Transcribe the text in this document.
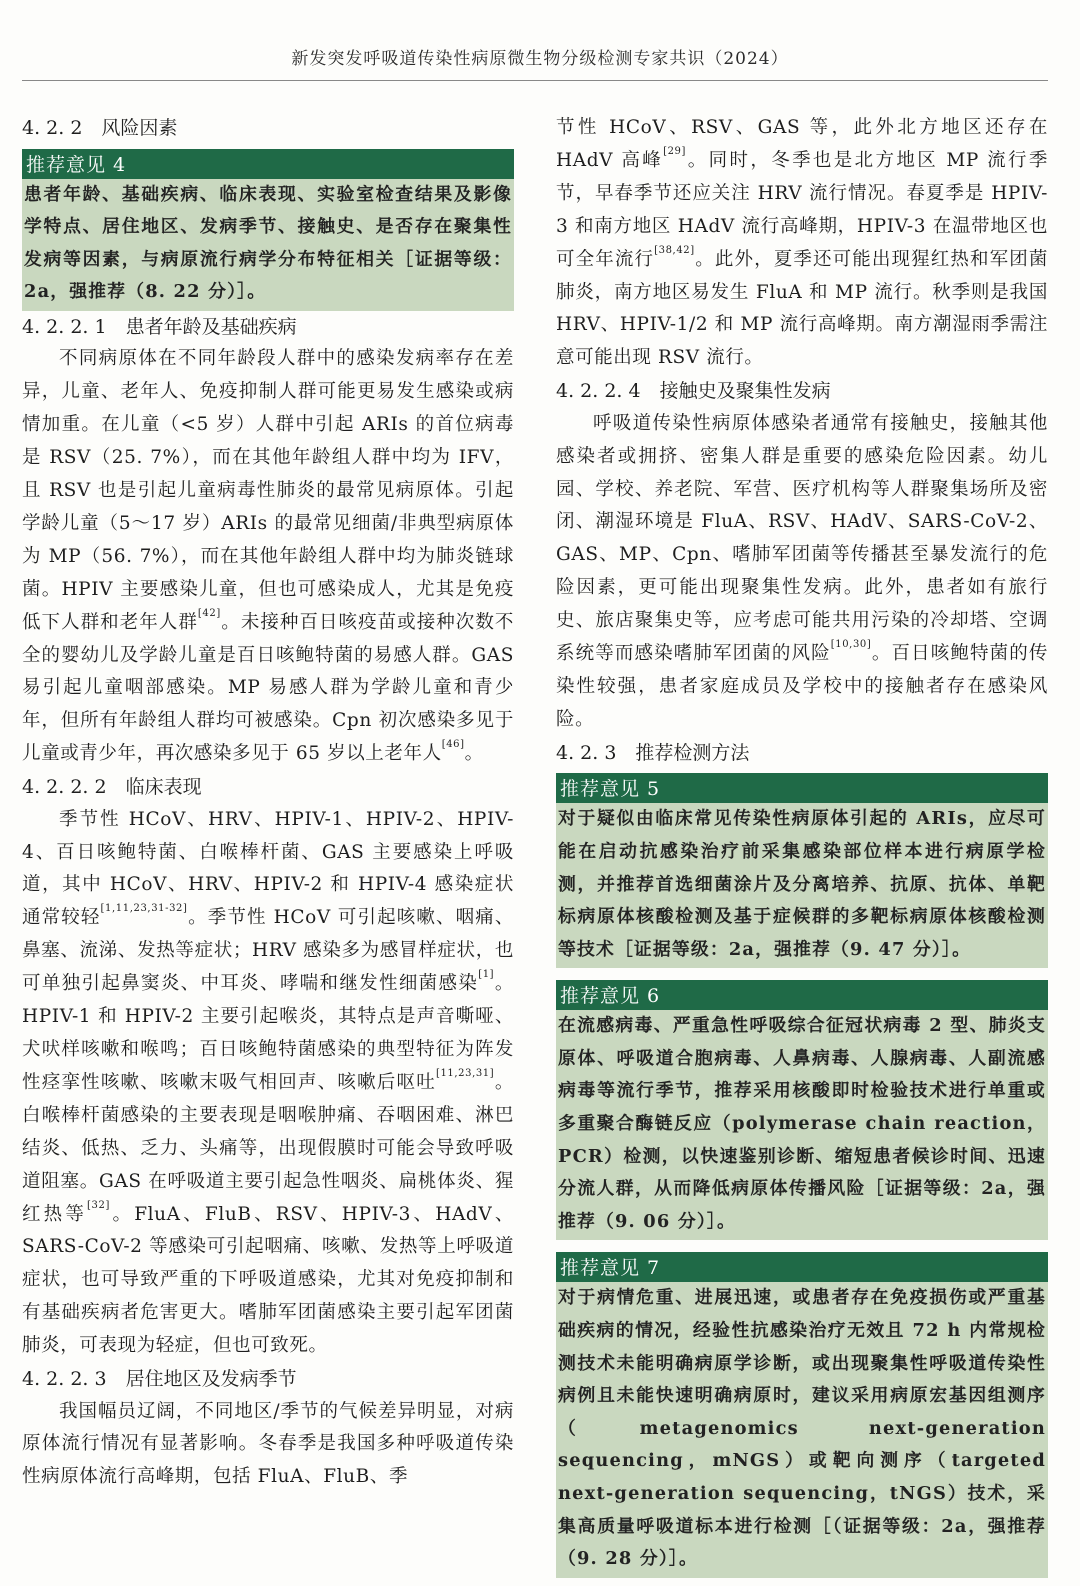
新发突发呼吸道传染性病原微生物分级检测专家共识（2024）

4. 2. 2　风险因素

推荐意见 4
患者年龄、基础疾病、临床表现、实验室检查结果及影像学特点、居住地区、发病季节、接触史、是否存在聚集性发病等因素，与病原流行病学分布特征相关［证据等级：2a，强推荐（8. 22 分）］。

4. 2. 2. 1　患者年龄及基础疾病

不同病原体在不同年龄段人群中的感染发病率存在差异，儿童、老年人、免疫抑制人群可能更易发生感染或病情加重。在儿童（<5 岁）人群中引起 ARIs 的首位病毒是 RSV（25. 7%），而在其他年龄组人群中均为 IFV，且 RSV 也是引起儿童病毒性肺炎的最常见病原体。引起学龄儿童（5～17 岁）ARIs 的最常见细菌/非典型病原体为 MP（56. 7%），而在其他年龄组人群中均为肺炎链球菌。HPIV 主要感染儿童，但也可感染成人，尤其是免疫低下人群和老年人群[42]。未接种百日咳疫苗或接种次数不全的婴幼儿及学龄儿童是百日咳鲍特菌的易感人群。GAS 易引起儿童咽部感染。MP 易感人群为学龄儿童和青少年，但所有年龄组人群均可被感染。Cpn 初次感染多见于儿童或青少年，再次感染多见于 65 岁以上老年人[46]。

4. 2. 2. 2　临床表现

季节性 HCoV、HRV、HPIV-1、HPIV-2、HPIV-4、百日咳鲍特菌、白喉棒杆菌、GAS 主要感染上呼吸道，其中 HCoV、HRV、HPIV-2 和 HPIV-4 感染症状通常较轻[1,11,23,31-32]。季节性 HCoV 可引起咳嗽、咽痛、鼻塞、流涕、发热等症状；HRV 感染多为感冒样症状，也可单独引起鼻窦炎、中耳炎、哮喘和继发性细菌感染[1]。HPIV-1 和 HPIV-2 主要引起喉炎，其特点是声音嘶哑、犬吠样咳嗽和喉鸣；百日咳鲍特菌感染的典型特征为阵发性痉挛性咳嗽、咳嗽末吸气相回声、咳嗽后呕吐[11,23,31]。白喉棒杆菌感染的主要表现是咽喉肿痛、吞咽困难、淋巴结炎、低热、乏力、头痛等，出现假膜时可能会导致呼吸道阻塞。GAS 在呼吸道主要引起急性咽炎、扁桃体炎、猩红热等[32]。FluA、FluB、RSV、HPIV-3、HAdV、SARS-CoV-2 等感染可引起咽痛、咳嗽、发热等上呼吸道症状，也可导致严重的下呼吸道感染，尤其对免疫抑制和有基础疾病者危害更大。嗜肺军团菌感染主要引起军团菌肺炎，可表现为轻症，但也可致死。

4. 2. 2. 3　居住地区及发病季节

我国幅员辽阔，不同地区/季节的气候差异明显，对病原体流行情况有显著影响。冬春季是我国多种呼吸道传染性病原体流行高峰期，包括 FluA、FluB、季

节性 HCoV、RSV、GAS 等，此外北方地区还存在 HAdV 高峰[29]。同时，冬季也是北方地区 MP 流行季节，早春季节还应关注 HRV 流行情况。春夏季是 HPIV-3 和南方地区 HAdV 流行高峰期，HPIV-3 在温带地区也可全年流行[38,42]。此外，夏季还可能出现猩红热和军团菌肺炎，南方地区易发生 FluA 和 MP 流行。秋季则是我国 HRV、HPIV-1/2 和 MP 流行高峰期。南方潮湿雨季需注意可能出现 RSV 流行。

4. 2. 2. 4　接触史及聚集性发病

呼吸道传染性病原体感染者通常有接触史，接触其他感染者或拥挤、密集人群是重要的感染危险因素。幼儿园、学校、养老院、军营、医疗机构等人群聚集场所及密闭、潮湿环境是 FluA、RSV、HAdV、SARS-CoV-2、GAS、MP、Cpn、嗜肺军团菌等传播甚至暴发流行的危险因素，更可能出现聚集性发病。此外，患者如有旅行史、旅店聚集史等，应考虑可能共用污染的冷却塔、空调系统等而感染嗜肺军团菌的风险[10,30]。百日咳鲍特菌的传染性较强，患者家庭成员及学校中的接触者存在感染风险。

4. 2. 3　推荐检测方法

推荐意见 5
对于疑似由临床常见传染性病原体引起的 ARIs，应尽可能在启动抗感染治疗前采集感染部位样本进行病原学检测，并推荐首选细菌涂片及分离培养、抗原、抗体、单靶标病原体核酸检测及基于症候群的多靶标病原体核酸检测等技术［证据等级：2a，强推荐（9. 47 分）］。
推荐意见 6
在流感病毒、严重急性呼吸综合征冠状病毒 2 型、肺炎支原体、呼吸道合胞病毒、人鼻病毒、人腺病毒、人副流感病毒等流行季节，推荐采用核酸即时检验技术进行单重或多重聚合酶链反应（polymerase chain reaction，PCR）检测，以快速鉴别诊断、缩短患者候诊时间、迅速分流人群，从而降低病原体传播风险［证据等级：2a，强推荐（9. 06 分）］。
推荐意见 7
对于病情危重、进展迅速，或患者存在免疫损伤或严重基础疾病的情况，经验性抗感染治疗无效且 72 h 内常规检测技术未能明确病原学诊断，或出现聚集性呼吸道传染性病例且未能快速明确病原时，建议采用病原宏基因组测序（metagenomics next-generation sequencing，mNGS）或靶向测序（targeted next-generation sequencing，tNGS）技术，采集高质量呼吸道标本进行检测［（证据等级：2a，强推荐（9. 28 分）］。
